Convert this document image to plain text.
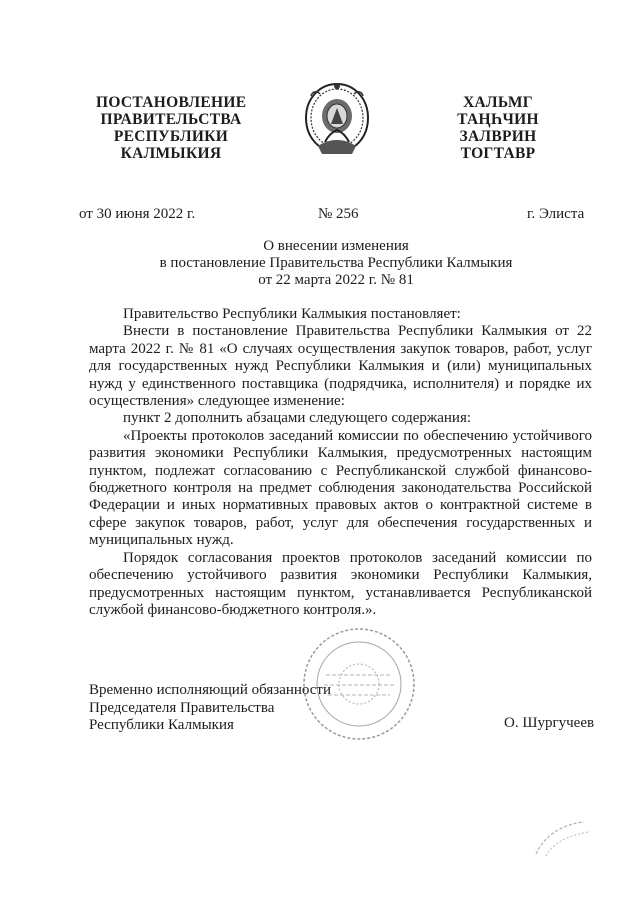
ПОСТАНОВЛЕНИЕ
ПРАВИТЕЛЬСТВА
РЕСПУБЛИКИ
КАЛМЫКИЯ
ХАЛЬМГ
ТАҢҺЧИН
ЗАЛВРИН
ТОГТАВР
от 30 июня 2022 г.	№ 256	г. Элиста
О внесении изменения
в постановление Правительства Республики Калмыкия
от 22 марта 2022 г. № 81

Правительство Республики Калмыкия постановляет:

Внести в постановление Правительства Республики Калмыкия от 22 марта 2022 г. № 81 «О случаях осуществления закупок товаров, работ, услуг для государственных нужд Республики Калмыкия и (или) муниципальных нужд у единственного поставщика (подрядчика, исполнителя) и порядке их осуществления» следующее изменение:

пункт 2 дополнить абзацами следующего содержания:

«Проекты протоколов заседаний комиссии по обеспечению устойчивого развития экономики Республики Калмыкия, предусмотренных настоящим пунктом, подлежат согласованию с Республиканской службой финансово-бюджетного контроля на предмет соблюдения законодательства Российской Федерации и иных нормативных правовых актов о контрактной системе в сфере закупок товаров, работ, услуг для обеспечения государственных и муниципальных нужд.

Порядок согласования проектов протоколов заседаний комиссии по обеспечению устойчивого развития экономики Республики Калмыкия, предусмотренных настоящим пунктом, устанавливается Республиканской службой финансово-бюджетного контроля.».

Временно исполняющий обязанности
Председателя Правительства
Республики Калмыкия	О. Шургучеев
